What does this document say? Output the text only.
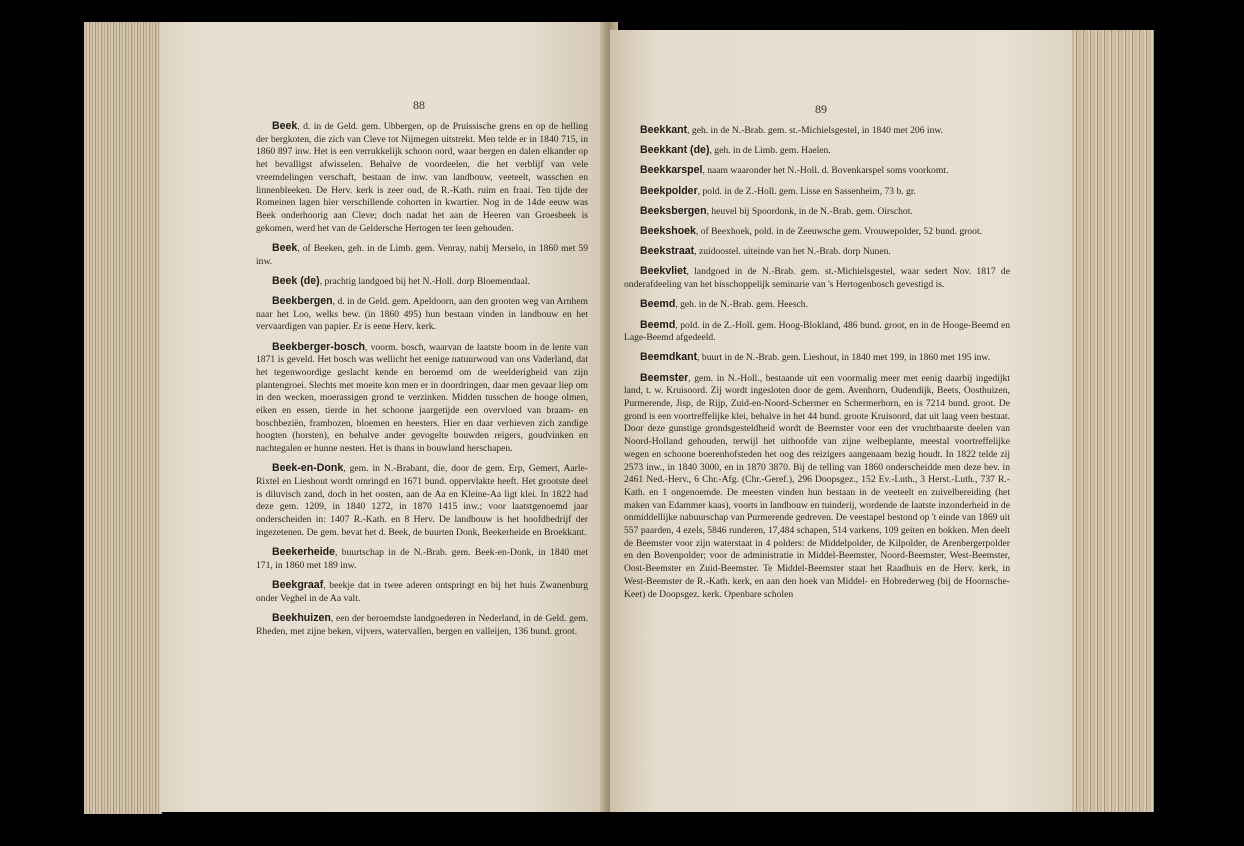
88

Beek, d. in de Geld. gem. Ubbergen, op de Pruissische grens en op de helling der bergkoten, die zich van Cleve tot Nijmegen uitstrekt. Men telde er in 1840 715, in 1860 897 inw. Het is een verrukkelijk schoon oord, waar bergen en dalen elkander op het bevalligst afwisselen. Behalve de voordeelen, die het verblijf van vele vreemdelingen verschaft, bestaan de inw. van landbouw, veeteelt, wasschen en linnenbleeken. De Herv. kerk is zeer oud, de R.-Kath. ruim en fraai. Ten tijde der Romeinen lagen hier verschillende cohorten in kwartier. Nog in de 14de eeuw was Beek onderhoorig aan Cleve; doch nadat het aan de Heeren van Groesbeek is gekomen, werd het van de Geldersche Hertogen ter leen gehouden.

Beek, of Beeken, geh. in de Limb. gem. Venray, nabij Merselo, in 1860 met 59 inw.

Beek (de), prachtig landgoed bij het N.-Holl. dorp Bloemendaal.

Beekbergen, d. in de Geld. gem. Apeldoorn, aan den grooten weg van Arnhem naar het Loo, welks bew. (in 1860 495) hun bestaan vinden in landbouw en het vervaardigen van papier. Er is eene Herv. kerk.

Beekberger-bosch, voorm. bosch, waarvan de laatste boom in de lente van 1871 is geveld. Het bosch was wellicht het eenige natuurwoud van ons Vaderland, dat het tegenwoordige geslacht kende en beroemd om de weelderigheid van zijn plantengroei. Slechts met moeite kon men er in doordringen, daar men gevaar liep om in den wecken, moerassigen grond te verzinken. Midden tusschen de hooge olmen, eiken en essen, tierde in het schoone jaargetijde een overvloed van braam- en boschbeziën, frambozen, bloemen en heesters. Hier en daar verhieven zich zandige hoogten (horsten), en behalve ander gevogelte bouwden reigers, goudvinken en nachtegalen er hunne nesten. Het is thans in bouwland herschapen.

Beek-en-Donk, gem. in N.-Brabant, die, door de gem. Erp, Gemert, Aarle-Rixtel en Lieshout wordt omringd en 1671 bund. oppervlakte heeft. Het grootste deel is diluvisch zand, doch in het oosten, aan de Aa en Kleine-Aa ligt klei. In 1822 had deze gem. 1209, in 1840 1272, in 1870 1415 inw.; voor laatstgenoemd jaar onderscheiden in: 1407 R.-Kath. en 8 Herv. De landbouw is het hoofdbedrijf der ingezetenen. De gem. bevat het d. Beek, de buurten Donk, Beekerheide en Broekkant.

Beekerheide, buurtschap in de N.-Brab. gem. Beek-en-Donk, in 1840 met 171, in 1860 met 189 inw.

Beekgraaf, beekje dat in twee aderen ontspringt en bij het huis Zwanenburg onder Veghel in de Aa valt.

Beekhuizen, een der beroemdste landgoederen in Nederland, in de Geld. gem. Rheden, met zijne beken, vijvers, watervallen, bergen en valleijen, 136 bund. groot.

89

Beekkant, geh. in de N.-Brab. gem. st.-Michielsgestel, in 1840 met 206 inw.

Beekkant (de), geh. in de Limb. gem. Haelen.

Beekkarspel, naam waaronder het N.-Holl. d. Bovenkarspel soms voorkomt.

Beekpolder, pold. in de Z.-Holl. gem. Lisse en Sassenheim, 73 b. gr.

Beeksbergen, heuvel bij Spoordonk, in de N.-Brab. gem. Oirschot.

Beekshoek, of Beexhoek, pold. in de Zeeuwsche gem. Vrouwepolder, 52 bund. groot.

Beekstraat, zuidoostel. uiteinde van het N.-Brab. dorp Nunen.

Beekvliet, landgoed in de N.-Brab. gem. st.-Michielsgestel, waar sedert Nov. 1817 de onderafdeeling van het bisschoppelijk seminarie van 's Hertogenbosch gevestigd is.

Beemd, geh. in de N.-Brab. gem. Heesch.

Beemd, pold. in de Z.-Holl. gem. Hoog-Blokland, 486 bund. groot, en in de Hooge-Beemd en Lage-Beemd afgedeeld.

Beemdkant, buurt in de N.-Brab. gem. Lieshout, in 1840 met 199, in 1860 met 195 inw.

Beemster, gem. in N.-Holl., bestaande uit een voormalig meer met eenig daarbij ingedijkt land, t. w. Kruisoord. Zij wordt ingesloten door de gem. Avenhorn, Oudendijk, Beets, Oosthuizen, Purmerende, Jisp, de Rijp, Zuid-en-Noord-Schermer en Schermerhorn, en is 7214 bund. groot. De grond is een voortreffelijke klei, behalve in het 44 bund. groote Kruisoord, dat uit laag veen bestaat. Door deze gunstige grondsgesteldheid wordt de Beemster voor een der vruchtbaarste deelen van Noord-Holland gehouden, terwijl het uithoofde van zijne welbeplante, meestal voortreffelijke wegen en schoone boerenhofsteden het oog des reizigers aangenaam bezig houdt. In 1822 telde zij 2573 inw., in 1840 3000, en in 1870 3870. Bij de telling van 1860 onderscheidde men deze bev. in 2461 Ned.-Herv., 6 Chr.-Afg. (Chr.-Geref.), 296 Doopsgez., 152 Ev.-Luth., 3 Herst.-Luth., 737 R.-Kath. en 1 ongenoemde. De meesten vinden hun bestaan in de veeteelt en zuivelbereiding (het maken van Edammer kaas), voorts in landbouw en tuinderij, wordende de laatste inzonderheid in de onmiddellijke nabuurschap van Purmerende gedreven. De veestapel bestond op 't einde van 1869 uit 557 paarden, 4 ezels, 5846 runderen, 17,484 schapen, 514 varkens, 109 geiten en bokken. Men deelt de Beemster voor zijn waterstaat in 4 polders: de Middelpolder, de Kilpolder, de Arenbergerpolder en den Bovenpolder; voor de administratie in Middel-Beemster, Noord-Beemster, West-Beemster, Oost-Beemster en Zuid-Beemster. Te Middel-Beemster staat het Raadhuis en de Herv. kerk, in West-Beemster de R.-Kath. kerk, en aan den hoek van Middel- en Hobrederweg (bij de Hoornsche-Keet) de Doopsgez. kerk. Openbare scholen
